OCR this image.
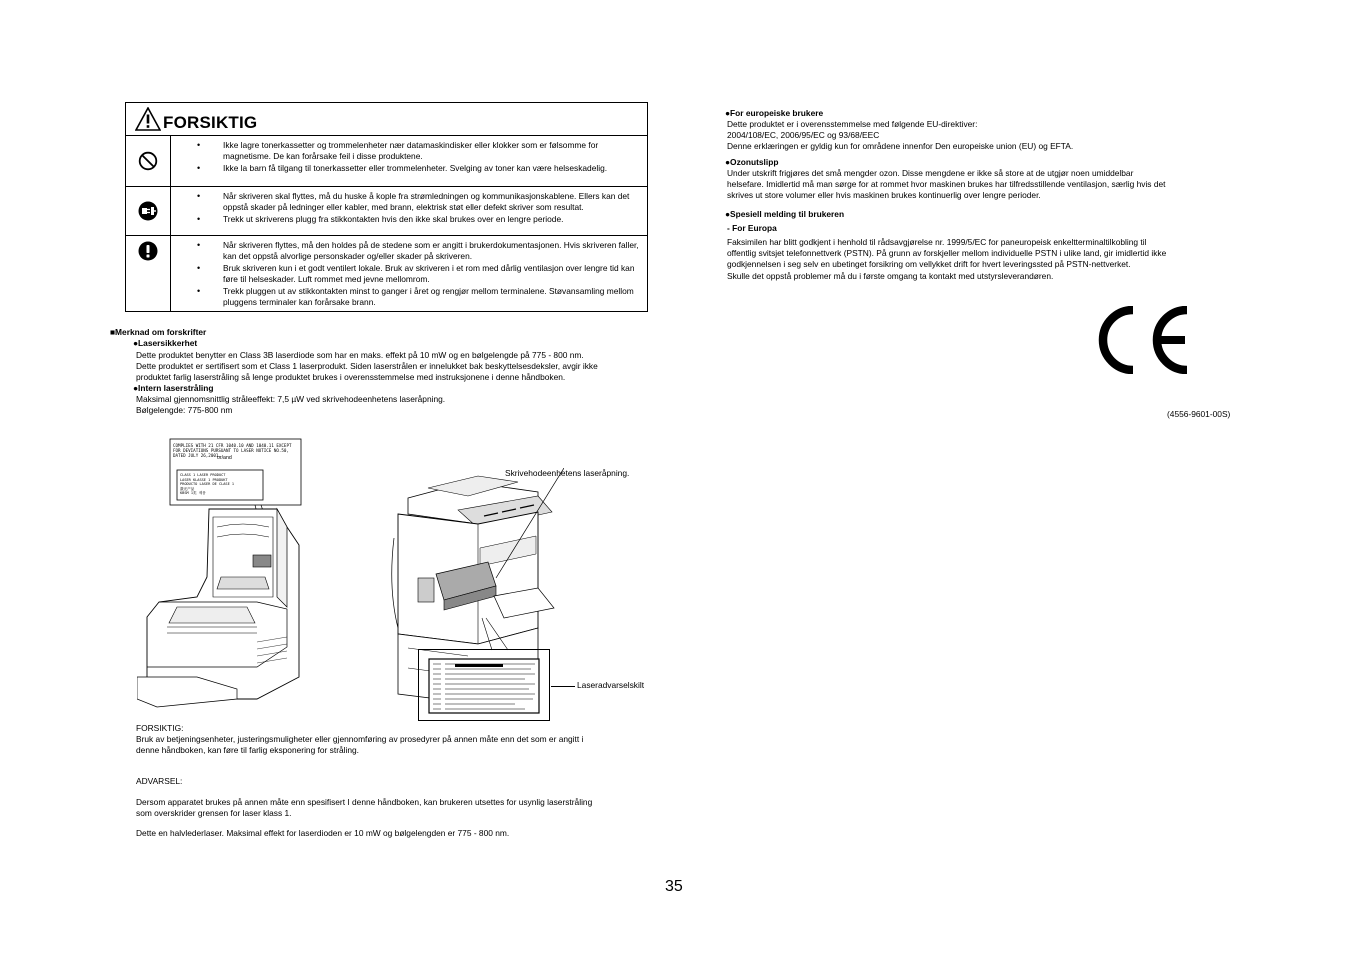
FORSIKTIG
• Ikke lagre tonerkassetter og trommelenheter nær datamaskindisker eller klokker som er følsomme for magnetisme. De kan forårsake feil i disse produktene.
• Ikke la barn få tilgang til tonerkassetter eller trommelenheter. Svelging av toner kan være helseskadelig.
• Når skriveren skal flyttes, må du huske å kople fra strømledningen og kommunikasjonskablene. Ellers kan det oppstå skader på ledninger eller kabler, med brann, elektrisk støt eller defekt skriver som resultat.
• Trekk ut skriverens plugg fra stikkontakten hvis den ikke skal brukes over en lengre periode.
• Når skriveren flyttes, må den holdes på de stedene som er angitt i brukerdokumentasjonen. Hvis skriveren faller, kan det oppstå alvorlige personskader og/eller skader på skriveren.
• Bruk skriveren kun i et godt ventilert lokale. Bruk av skriveren i et rom med dårlig ventilasjon over lengre tid kan føre til helseskader. Luft rommet med jevne mellomrom.
• Trekk pluggen ut av stikkontakten minst to ganger i året og rengjør mellom terminalene. Støvansamling mellom pluggens terminaler kan forårsake brann.
■Merknad om forskrifter
●Lasersikkerhet
Dette produktet benytter en Class 3B laserdiode som har en maks. effekt på 10 mW og en bølgelengde på 775 - 800 nm.
Dette produktet er sertifisert som et Class 1 laserprodukt. Siden laserstrålen er innelukket bak beskyttelsesdeksler, avgir ikke
produktet farlig laserstråling så lenge produktet brukes i overensstemmelse med instruksjonene i denne håndboken.
●Intern laserstråling
Maksimal gjennomsnittlig stråleeffekt: 7,5 µW ved skrivehodeenhetens laseråpning.
Bølgelengde: 775-800 nm
COMPLIES WITH 21 CFR 1040.10 AND 1040.11 EXCEPT FOR DEVIATIONS PURSUANT TO LASER NOTICE NO.50, DATED JULY 26,2001.
or/and
CLASS 1 LASER PRODUCT
LASER KLASSE 1 PRODUKT
PRODUCTO LASER DE CLASE 1
激光产品
KBSM 1类 제품
Skrivehodeenhetens laseråpning.
Laseradvarselskilt
FORSIKTIG:
Bruk av betjeningsenheter, justeringsmuligheter eller gjennomføring av prosedyrer på annen måte enn det som er angitt i
denne håndboken, kan føre til farlig eksponering for stråling.
ADVARSEL:
Dersom apparatet brukes på annen måte enn spesifisert I denne håndboken, kan brukeren utsettes for usynlig laserstråling
som overskrider grensen for laser klass 1.
Dette en halvlederlaser. Maksimal effekt for laserdioden er 10 mW og bølgelengden er 775 - 800 nm.
●For europeiske brukere
Dette produktet er i overensstemmelse med følgende EU-direktiver:
2004/108/EC, 2006/95/EC og 93/68/EEC
Denne erklæringen er gyldig kun for områdene innenfor Den europeiske union (EU) og EFTA.
●Ozonutslipp
Under utskrift frigjøres det små mengder ozon. Disse mengdene er ikke så store at de utgjør noen umiddelbar
helsefare. Imidlertid må man sørge for at rommet hvor maskinen brukes har tilfredsstillende ventilasjon, særlig hvis det
skrives ut store volumer eller hvis maskinen brukes kontinuerlig over lengre perioder.
●Spesiell melding til brukeren
- For Europa
Faksimilen har blitt godkjent i henhold til rådsavgjørelse nr. 1999/5/EC for paneuropeisk enkeltterminaltilkobling til
offentlig svitsjet telefonnettverk (PSTN). På grunn av forskjeller mellom individuelle PSTN i ulike land, gir imidlertid ikke
godkjennelsen i seg selv en ubetinget forsikring om vellykket drift for hvert leveringssted på PSTN-nettverket.
Skulle det oppstå problemer må du i første omgang ta kontakt med utstyrsleverandøren.
(4556-9601-00S)
35
